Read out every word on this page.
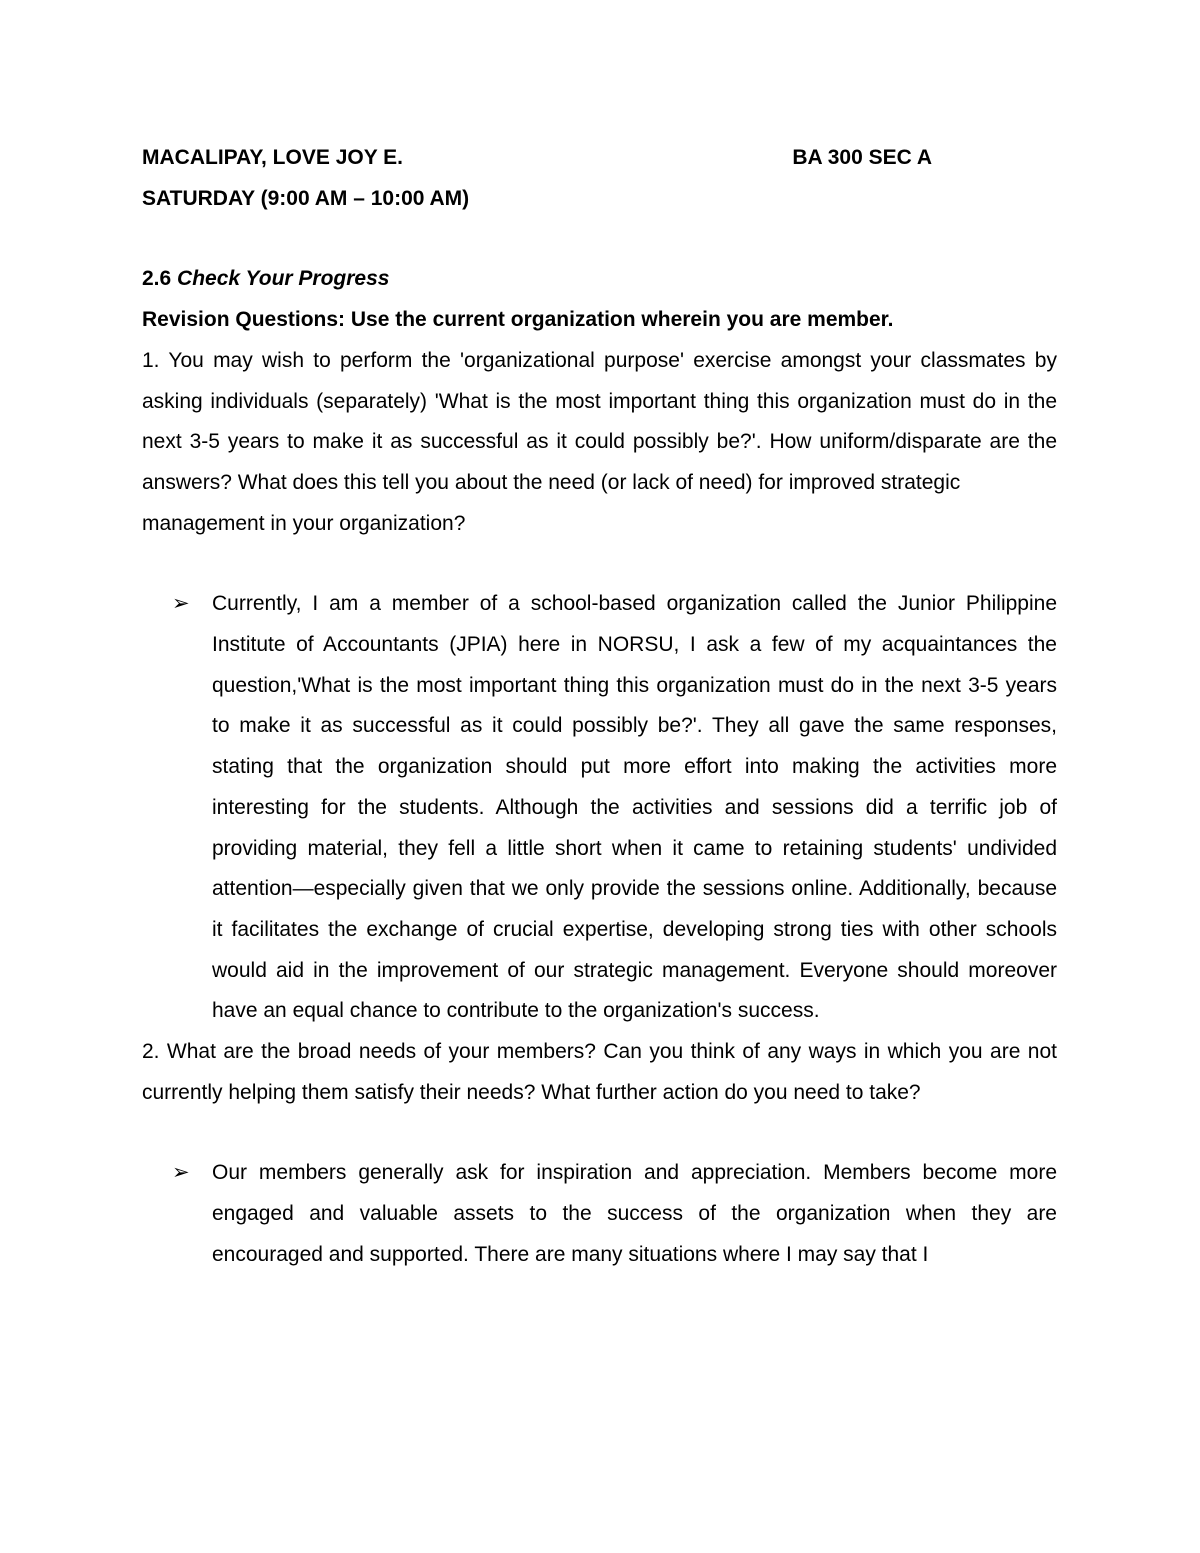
MACALIPAY, LOVE JOY E.	BA 300 SEC A
SATURDAY (9:00 AM – 10:00 AM)
2.6 Check Your Progress
Revision Questions: Use the current organization wherein you are member.
1. You may wish to perform the 'organizational purpose' exercise amongst your classmates by asking individuals (separately) 'What is the most important thing this organization must do in the next 3-5 years to make it as successful as it could possibly be?'. How uniform/disparate are the answers? What does this tell you about the need (or lack of need) for improved strategic
management in your organization?
➢ Currently, I am a member of a school-based organization called the Junior Philippine Institute of Accountants (JPIA) here in NORSU, I ask a few of my acquaintances the question,'What is the most important thing this organization must do in the next 3-5 years to make it as successful as it could possibly be?'. They all gave the same responses, stating that the organization should put more effort into making the activities more interesting for the students. Although the activities and sessions did a terrific job of providing material, they fell a little short when it came to retaining students' undivided attention—especially given that we only provide the sessions online. Additionally, because it facilitates the exchange of crucial expertise, developing strong ties with other schools would aid in the improvement of our strategic management. Everyone should moreover have an equal chance to contribute to the organization's success.
2. What are the broad needs of your members? Can you think of any ways in which you are not currently helping them satisfy their needs? What further action do you need to take?
➢ Our members generally ask for inspiration and appreciation. Members become more engaged and valuable assets to the success of the organization when they are encouraged and supported. There are many situations where I may say that I
